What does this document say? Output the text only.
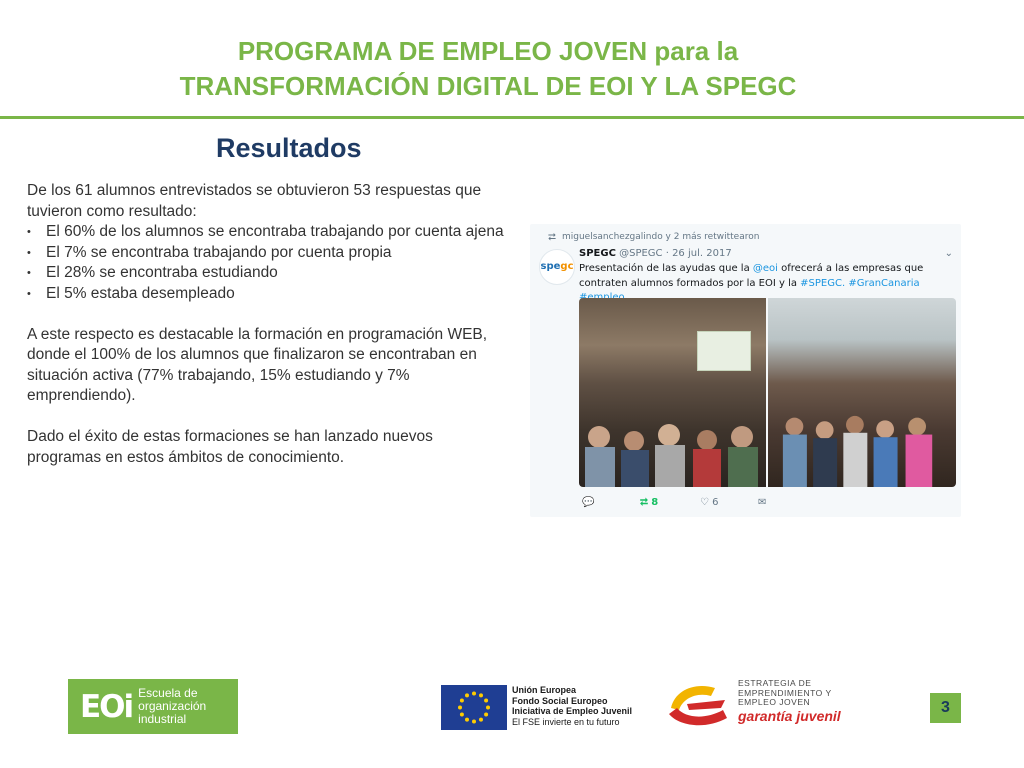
PROGRAMA DE EMPLEO JOVEN para la
TRANSFORMACIÓN DIGITAL DE EOI Y LA SPEGC
Resultados

De los 61 alumnos entrevistados se obtuvieron 53 respuestas que tuvieron como resultado:

• El 60% de los alumnos se encontraba trabajando por cuenta ajena
• El 7% se encontraba trabajando por cuenta propia
• El 28% se encontraba estudiando
• El 5% estaba desempleado

A este respecto es destacable la formación en programación WEB, donde el 100% de los alumnos que finalizaron se encontraban en situación activa (77% trabajando, 15% estudiando y 7% emprendiendo).

Dado el éxito de estas formaciones se han lanzado nuevos programas en estos ámbitos de conocimiento.

⮂ miguelsanchezgalindo y 2 más retwittearon
spegc
SPEGC @SPEGC · 26 jul. 2017	⌄
Presentación de las ayudas que la @eoi ofrecerá a las empresas que contraten alumnos formados por la EOI y la #SPEGC. #GranCanaria
💬	⮂ 8	♡ 6	✉
EOi Escuela de
organización
industrial
Unión Europea
Fondo Social Europeo
Iniciativa de Empleo Juvenil
El FSE invierte en tu futuro
ESTRATEGIA DE
EMPRENDIMIENTO Y
EMPLEO JOVEN
garantía juvenil	3
